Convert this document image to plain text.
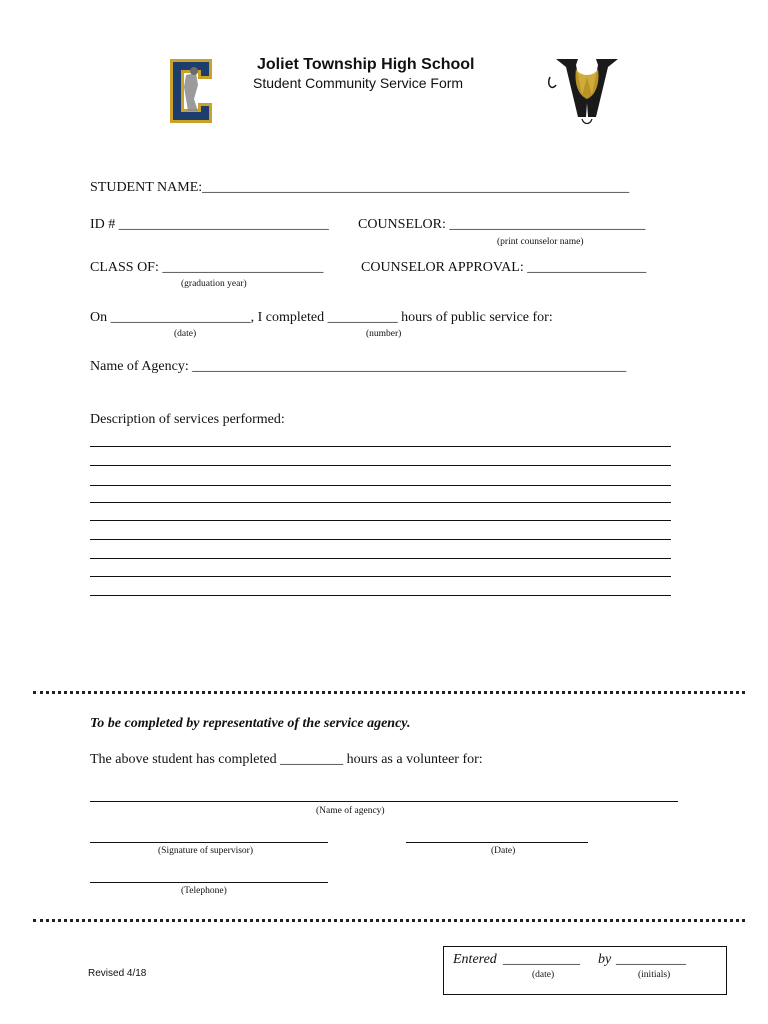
Joliet Township High School
Student Community Service Form

STUDENT NAME:_____________________________________________________________
ID # ______________________________ COUNSELOR: ____________________________
(print counselor name)
CLASS OF: _______________________	COUNSELOR APPROVAL: _________________
(graduation year)
On ____________________, I completed __________ hours of public service for:
(date)	(number)
Name of Agency: ______________________________________________________________
Description of services performed:
To be completed by representative of the service agency.
The above student has completed _________ hours as a volunteer for:
(Name of agency)
(Signature of supervisor)	(Date)
(Telephone)
Revised 4/18
Entered ___________ by __________
(date)	(initials)
